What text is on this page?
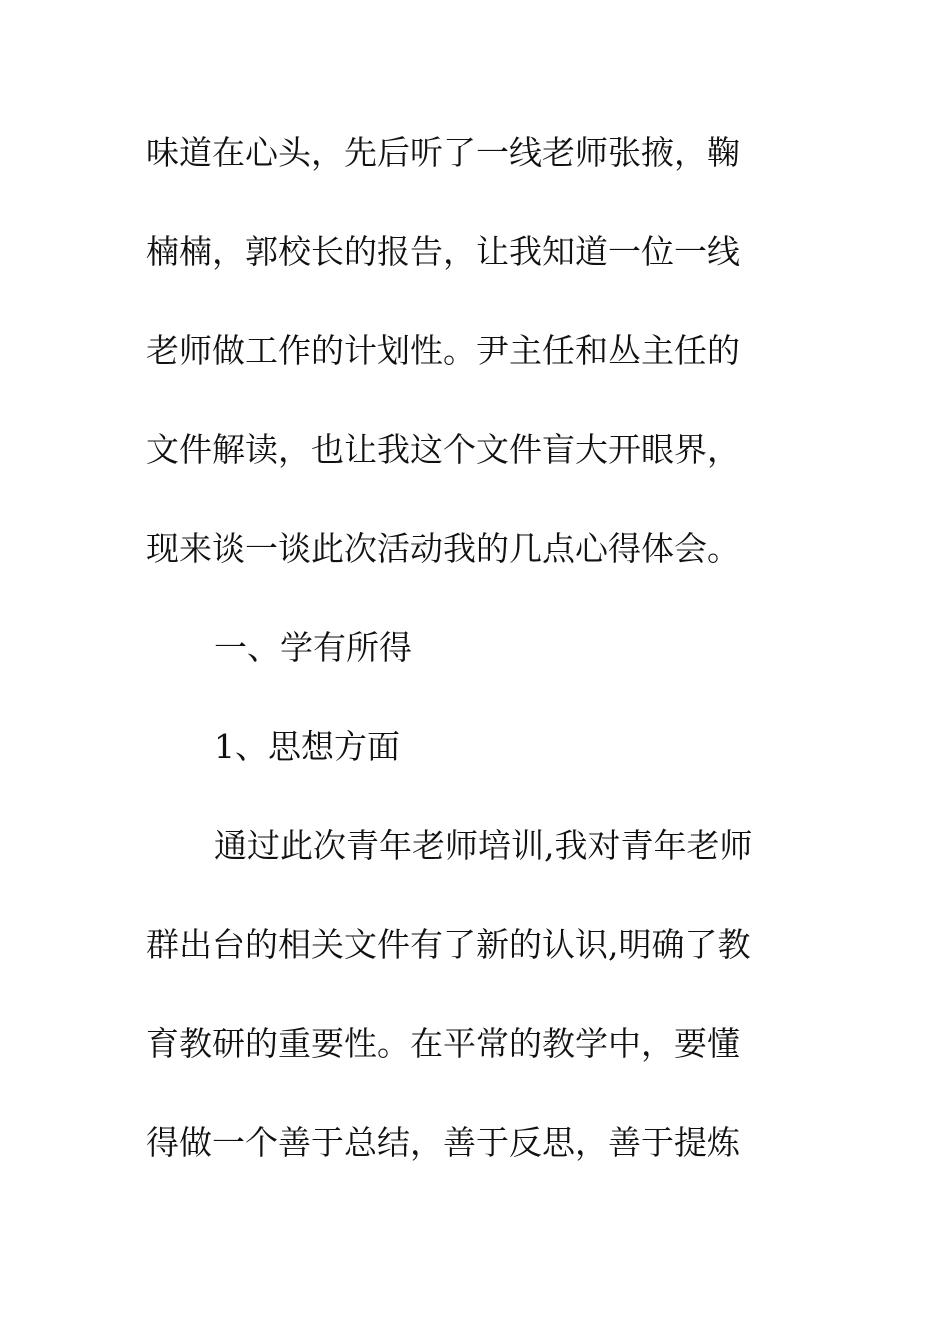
味道在心头，先后听了一线老师张掖，鞠
楠楠，郭校长的报告，让我知道一位一线
老师做工作的计划性。尹主任和丛主任的
文件解读，也让我这个文件盲大开眼界，
现来谈一谈此次活动我的几点心得体会。
一、学有所得
1、思想方面
通过此次青年老师培训,我对青年老师
群出台的相关文件有了新的认识,明确了教
育教研的重要性。在平常的教学中，要懂
得做一个善于总结，善于反思，善于提炼
